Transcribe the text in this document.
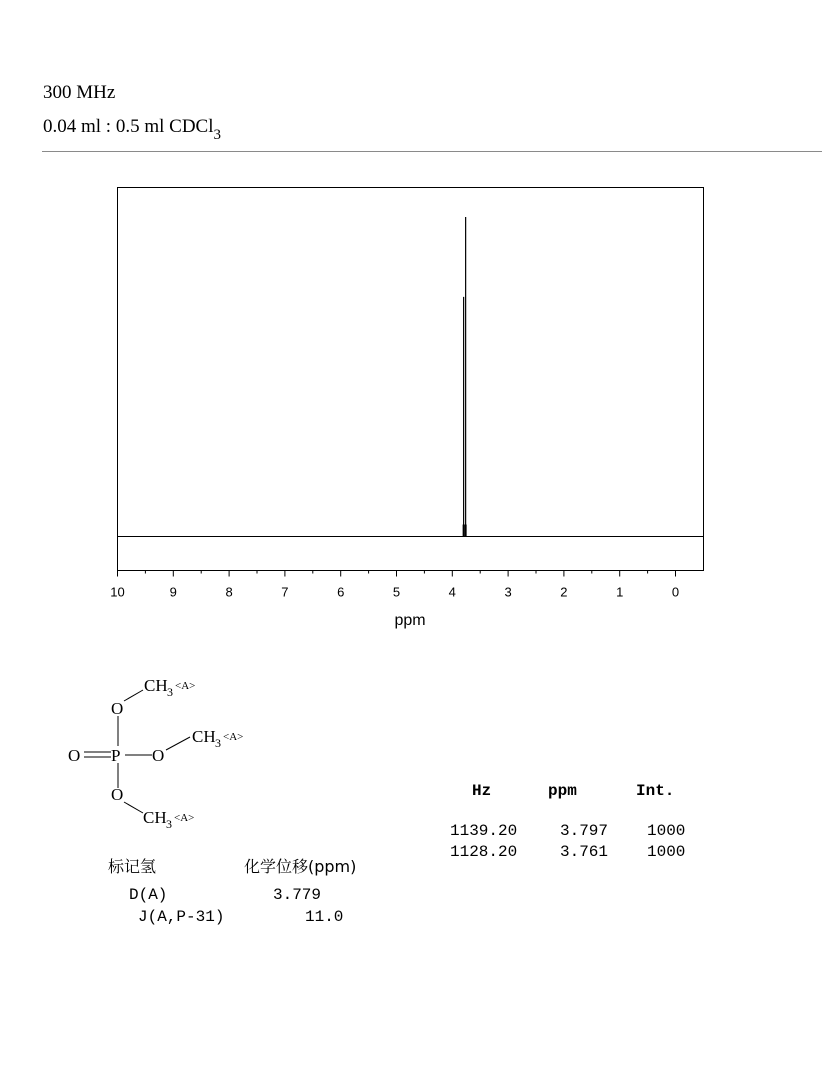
300 MHz
0.04 ml : 0.5 ml CDCl$_3$
10	9	8	7	6	5	4	3	2	1	0
ppm
O P
O
O
O
CH 3 <A>
CH 3 <A>
CH 3 <A>
标记氢	化学位移(ppm)
D(A)	3.779
J(A,P-31)	11.0
Hz	ppm	Int.
1139.20	3.797 1000
1128.20	3.761 1000
